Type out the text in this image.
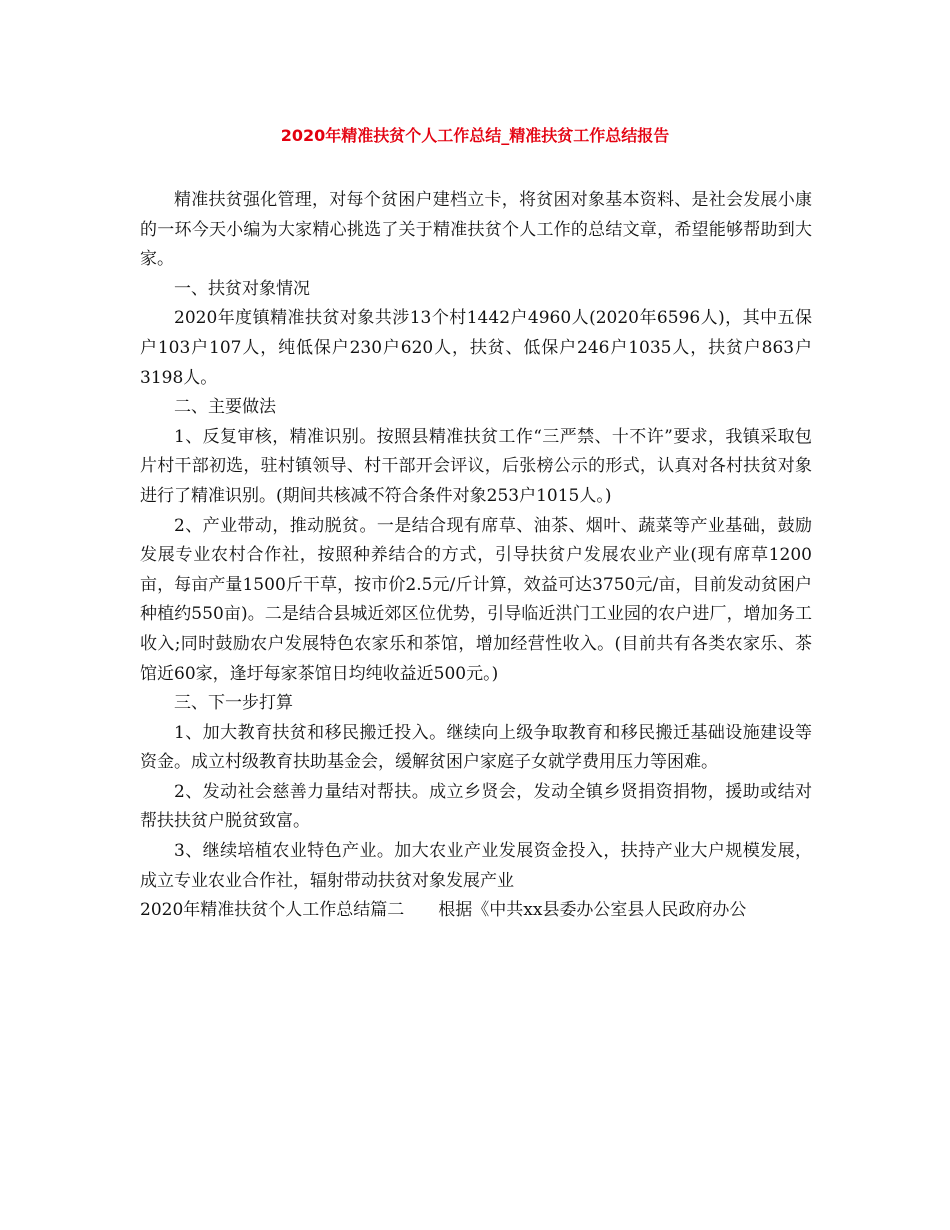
2020年精准扶贫个人工作总结_精准扶贫工作总结报告

精准扶贫强化管理，对每个贫困户建档立卡，将贫困对象基本资料、是社会发展小康的一环今天小编为大家精心挑选了关于精准扶贫个人工作的总结文章，希望能够帮助到大家。

一、扶贫对象情况

2020年度镇精准扶贫对象共涉13个村1442户4960人(2020年6596人)，其中五保户103户107人，纯低保户230户620人，扶贫、低保户246户1035人，扶贫户863户3198人。

二、主要做法

1、反复审核，精准识别。按照县精准扶贫工作“三严禁、十不许”要求，我镇采取包片村干部初选，驻村镇领导、村干部开会评议，后张榜公示的形式，认真对各村扶贫对象进行了精准识别。(期间共核减不符合条件对象253户1015人。)

2、产业带动，推动脱贫。一是结合现有席草、油茶、烟叶、蔬菜等产业基础，鼓励发展专业农村合作社，按照种养结合的方式，引导扶贫户发展农业产业(现有席草1200亩，每亩产量1500斤干草，按市价2.5元/斤计算，效益可达3750元/亩，目前发动贫困户种植约550亩)。二是结合县城近郊区位优势，引导临近洪门工业园的农户进厂，增加务工收入;同时鼓励农户发展特色农家乐和茶馆，增加经营性收入。(目前共有各类农家乐、茶馆近60家，逢圩每家茶馆日均纯收益近500元。)

三、下一步打算

1、加大教育扶贫和移民搬迁投入。继续向上级争取教育和移民搬迁基础设施建设等资金。成立村级教育扶助基金会，缓解贫困户家庭子女就学费用压力等困难。

2、发动社会慈善力量结对帮扶。成立乡贤会，发动全镇乡贤捐资捐物，援助或结对帮扶扶贫户脱贫致富。

3、继续培植农业特色产业。加大农业产业发展资金投入，扶持产业大户规模发展，成立专业农业合作社，辐射带动扶贫对象发展产业

2020年精准扶贫个人工作总结篇二　　根据《中共xx县委办公室县人民政府办公
